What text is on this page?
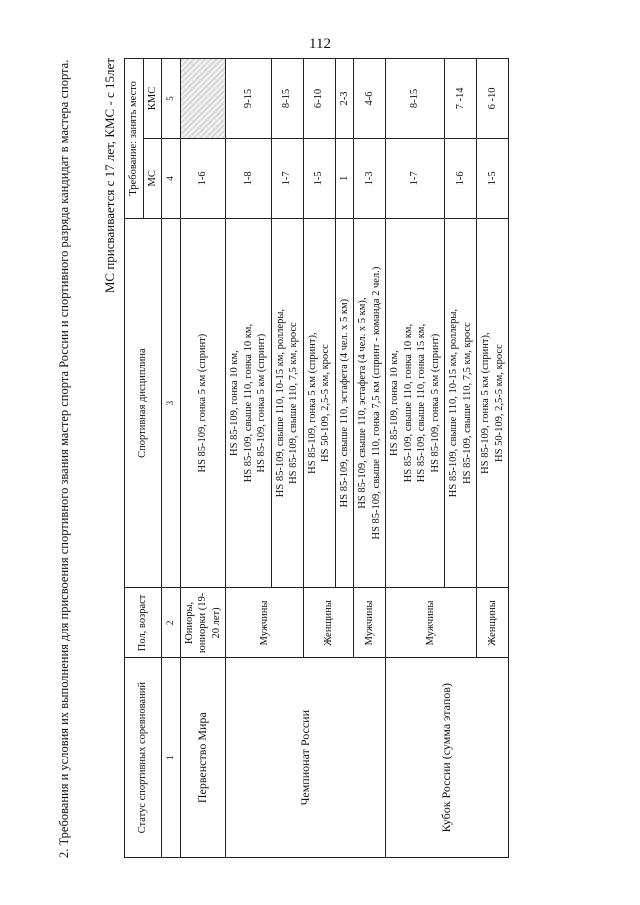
112
2. Требования и условия их выполнения для присвоения спортивного звания мастер спорта России и спортивного разряда кандидат в мастера спорта. МС присваивается с 17 лет, КМС - с 15лет
Статус спортивных соревнований	Пол, возраст	Спортивная дисциплина	Требование: занять место	
			МС	КМС
1	2	3	4	5
Первенство Мира	Юниоры, юниорки (19-20 лет)	HS 85-109, гонка 5 км (спринт)	1-6	
Чемпионат России	Мужчины	HS 85-109, гонка 10 км, HS 85-109, свыше 110, гонка 10 км, HS 85-109, гонка 5 км (спринт)	1-8	9-15

		HS 85-109, свыше 110, 10-15 км, роллеры, HS 85-109, свыше 110, 7,5 км, кросс	1-7	8-15
	Женщины	HS 85-109, гонка 5 км (спринт), HS 50-109, 2,5-5 км, кросс	1-5	6-10

		HS 85-109, свыше 110, эстафета (4 чел. х 5 км)	1	2-3
	Мужчины	HS 85-109, свыше 110, эстафета (4 чел. х 5 км), HS 85-109, свыше 110, гонка 7,5 км (спринт - команда 2 чел.)	1-3	4-6
Кубок России (сумма этапов)	Мужчины	HS 85-109, гонка 10 км, HS 85-109, свыше 110, гонка 10 км, HS 85-109, свыше 110, гонка 15 км, HS 85-109, гонка 5 км (спринт)	1-7	8-15

		HS 85-109, свыше 110, 10-15 км, роллеры, HS 85-109, свыше 110, 7,5 км, кросс	1-6	7 -14
	Женщины	HS 85-109, гонка 5 км (спринт), HS 50-109, 2,5-5 км, кросс	1-5	6 -10
